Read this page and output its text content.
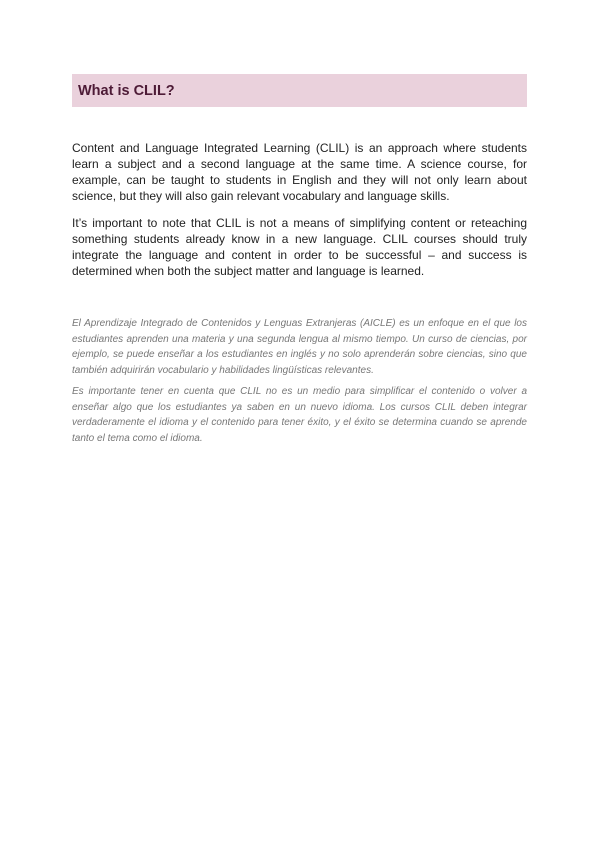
What is CLIL?

Content and Language Integrated Learning (CLIL) is an approach where students learn a subject and a second language at the same time. A science course, for example, can be taught to students in English and they will not only learn about science, but they will also gain relevant vocabulary and language skills.

It’s important to note that CLIL is not a means of simplifying content or reteaching something students already know in a new language. CLIL courses should truly integrate the language and content in order to be successful – and success is determined when both the subject matter and language is learned.

El Aprendizaje Integrado de Contenidos y Lenguas Extranjeras (AICLE) es un enfoque en el que los estudiantes aprenden una materia y una segunda lengua al mismo tiempo. Un curso de ciencias, por ejemplo, se puede enseñar a los estudiantes en inglés y no solo aprenderán sobre ciencias, sino que también adquirirán vocabulario y habilidades lingüísticas relevantes.

Es importante tener en cuenta que CLIL no es un medio para simplificar el contenido o volver a enseñar algo que los estudiantes ya saben en un nuevo idioma. Los cursos CLIL deben integrar verdaderamente el idioma y el contenido para tener éxito, y el éxito se determina cuando se aprende tanto el tema como el idioma.
